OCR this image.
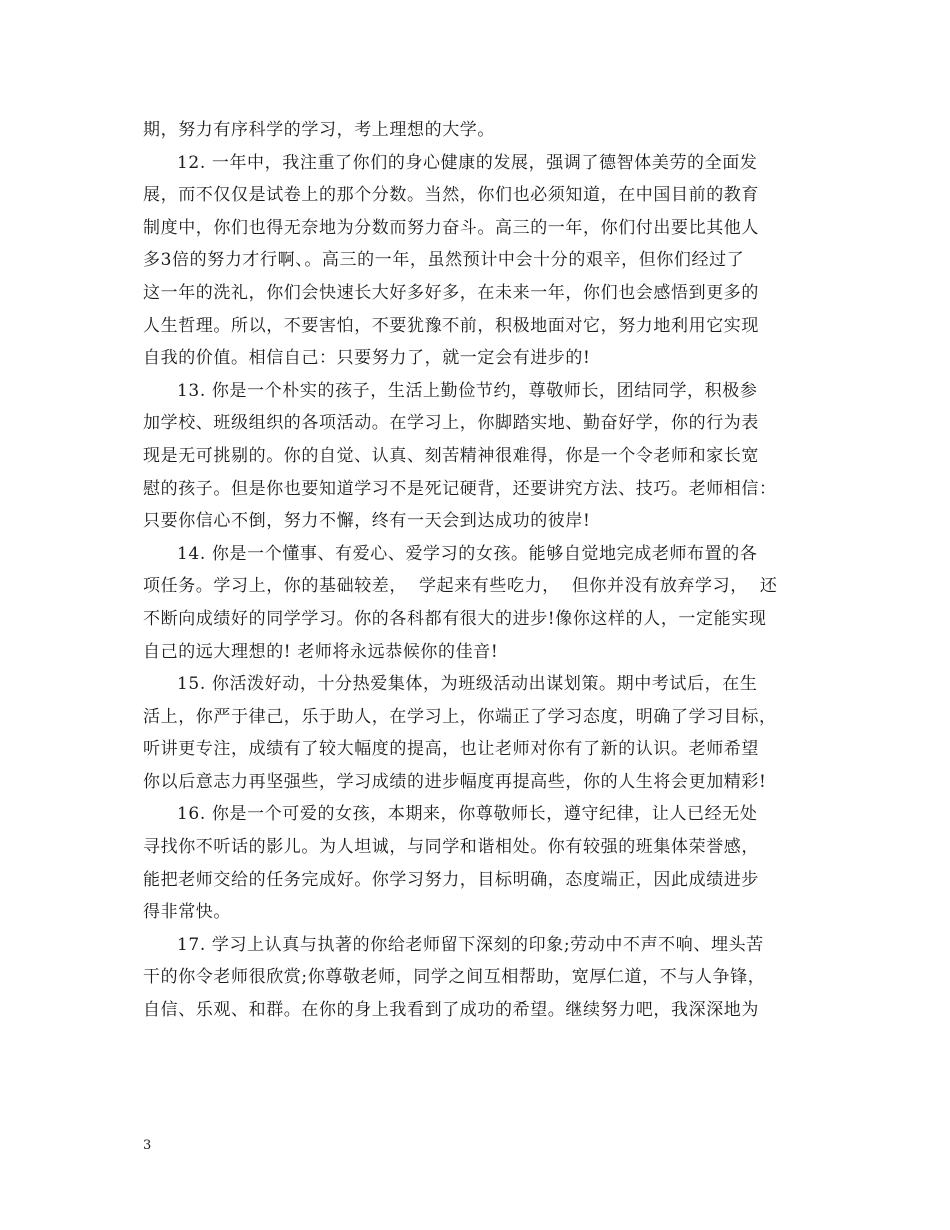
期，努力有序科学的学习，考上理想的大学。
12. 一年中，我注重了你们的身心健康的发展，强调了德智体美劳的全面发
展，而不仅仅是试卷上的那个分数。当然，你们也必须知道，在中国目前的教育
制度中，你们也得无奈地为分数而努力奋斗。高三的一年，你们付出要比其他人
多3倍的努力才行啊、。高三的一年，虽然预计中会十分的艰辛，但你们经过了
这一年的洗礼，你们会快速长大好多好多，在未来一年，你们也会感悟到更多的
人生哲理。所以，不要害怕，不要犹豫不前，积极地面对它，努力地利用它实现
自我的价值。相信自己：只要努力了，就一定会有进步的!
13. 你是一个朴实的孩子，生活上勤俭节约，尊敬师长，团结同学，积极参
加学校、班级组织的各项活动。在学习上，你脚踏实地、勤奋好学，你的行为表
现是无可挑剔的。你的自觉、认真、刻苦精神很难得，你是一个令老师和家长宽
慰的孩子。但是你也要知道学习不是死记硬背，还要讲究方法、技巧。老师相信：
只要你信心不倒，努力不懈，终有一天会到达成功的彼岸!
14. 你是一个懂事、有爱心、爱学习的女孩。能够自觉地完成老师布置的各
项任务。学习上，你的基础较差，  学起来有些吃力，  但你并没有放弃学习，  还
不断向成绩好的同学学习。你的各科都有很大的进步!像你这样的人，一定能实现
自己的远大理想的! 老师将永远恭候你的佳音!
15. 你活泼好动，十分热爱集体，为班级活动出谋划策。期中考试后，在生
活上，你严于律己，乐于助人，在学习上，你端正了学习态度，明确了学习目标，
听讲更专注，成绩有了较大幅度的提高，也让老师对你有了新的认识。老师希望
你以后意志力再坚强些，学习成绩的进步幅度再提高些，你的人生将会更加精彩!
16. 你是一个可爱的女孩，本期来，你尊敬师长，遵守纪律，让人已经无处
寻找你不听话的影儿。为人坦诚，与同学和谐相处。你有较强的班集体荣誉感，
能把老师交给的任务完成好。你学习努力，目标明确，态度端正，因此成绩进步
得非常快。
17. 学习上认真与执著的你给老师留下深刻的印象;劳动中不声不响、埋头苦
干的你令老师很欣赏;你尊敬老师，同学之间互相帮助，宽厚仁道，不与人争锋，
自信、乐观、和群。在你的身上我看到了成功的希望。继续努力吧，我深深地为
3
